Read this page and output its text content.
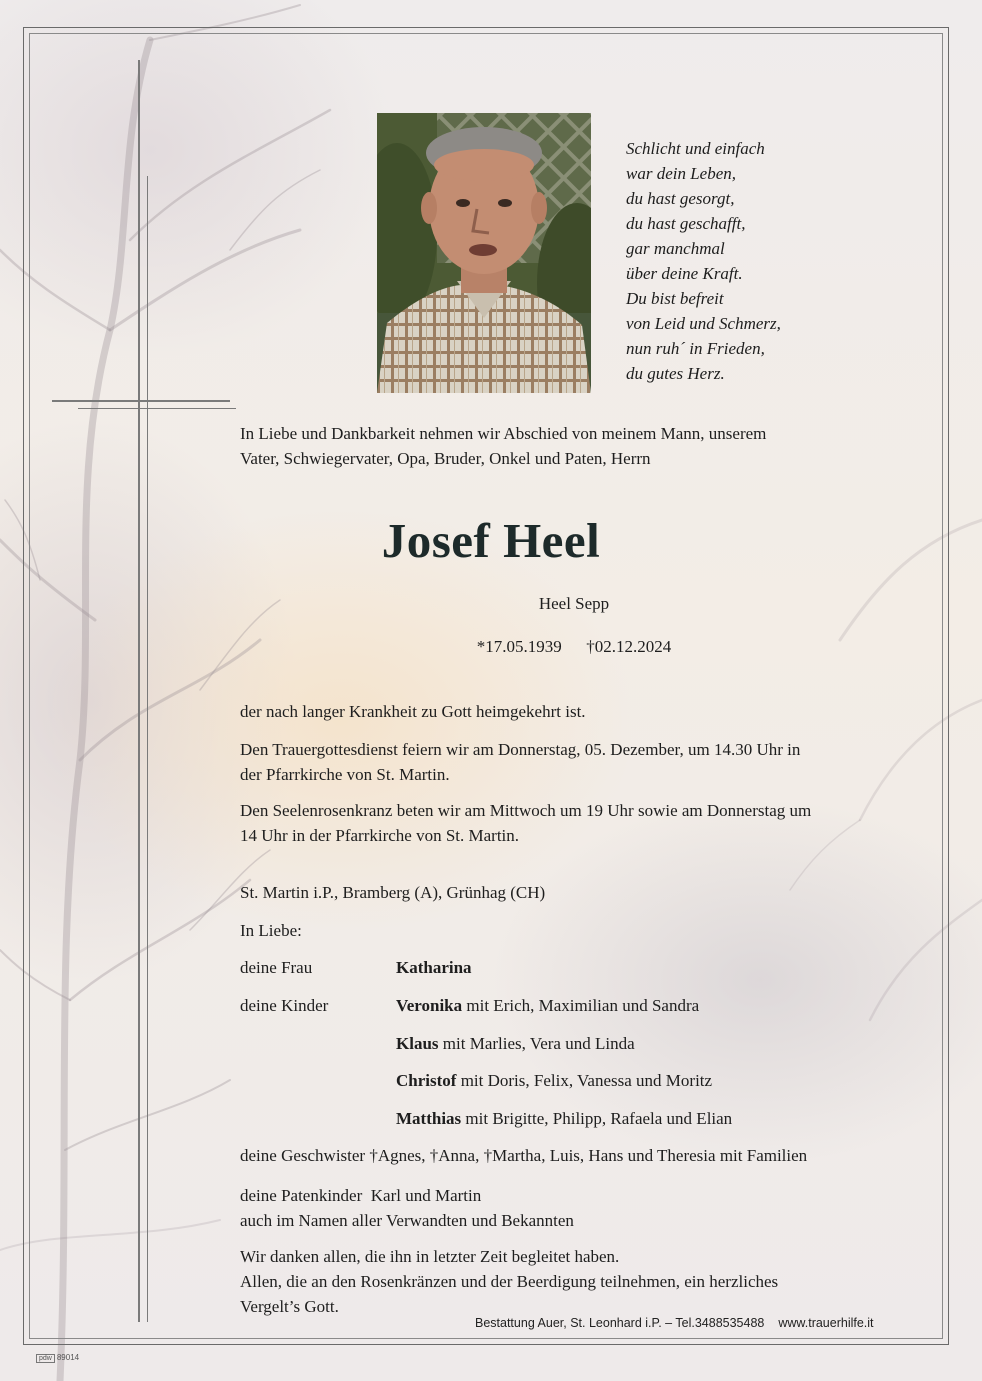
Schlicht und einfach
war dein Leben,
du hast gesorgt,
du hast geschafft,
gar manchmal
über deine Kraft.
Du bist befreit
von Leid und Schmerz,
nun ruh´ in Frieden,
du gutes Herz.
In Liebe und Dankbarkeit nehmen wir Abschied von meinem Mann, unserem
Vater, Schwiegervater, Opa, Bruder, Onkel und Paten, Herrn
Josef Heel
Heel Sepp
*17.05.1939 †02.12.2024
der nach langer Krankheit zu Gott heimgekehrt ist.
Den Trauergottesdienst feiern wir am Donnerstag, 05. Dezember, um 14.30 Uhr in
der Pfarrkirche von St. Martin.
Den Seelenrosenkranz beten wir am Mittwoch um 19 Uhr sowie am Donnerstag um
14 Uhr in der Pfarrkirche von St. Martin.
St. Martin i.P., Bramberg (A), Grünhag (CH)
In Liebe:
deine Frau	Katharina
deine Kinder	Veronika mit Erich, Maximilian und Sandra
Klaus mit Marlies, Vera und Linda
Christof mit Doris, Felix, Vanessa und Moritz
Matthias mit Brigitte, Philipp, Rafaela und Elian
deine Geschwister †Agnes, †Anna, †Martha, Luis, Hans und Theresia mit Familien
deine Patenkinder  Karl und Martin
auch im Namen aller Verwandten und Bekannten
Wir danken allen, die ihn in letzter Zeit begleitet haben.
Allen, die an den Rosenkränzen und der Beerdigung teilnehmen, ein herzliches
Vergelt’s Gott.
Bestattung Auer, St. Leonhard i.P. – Tel.3488535488 www.trauerhilfe.it
pdw 89014
